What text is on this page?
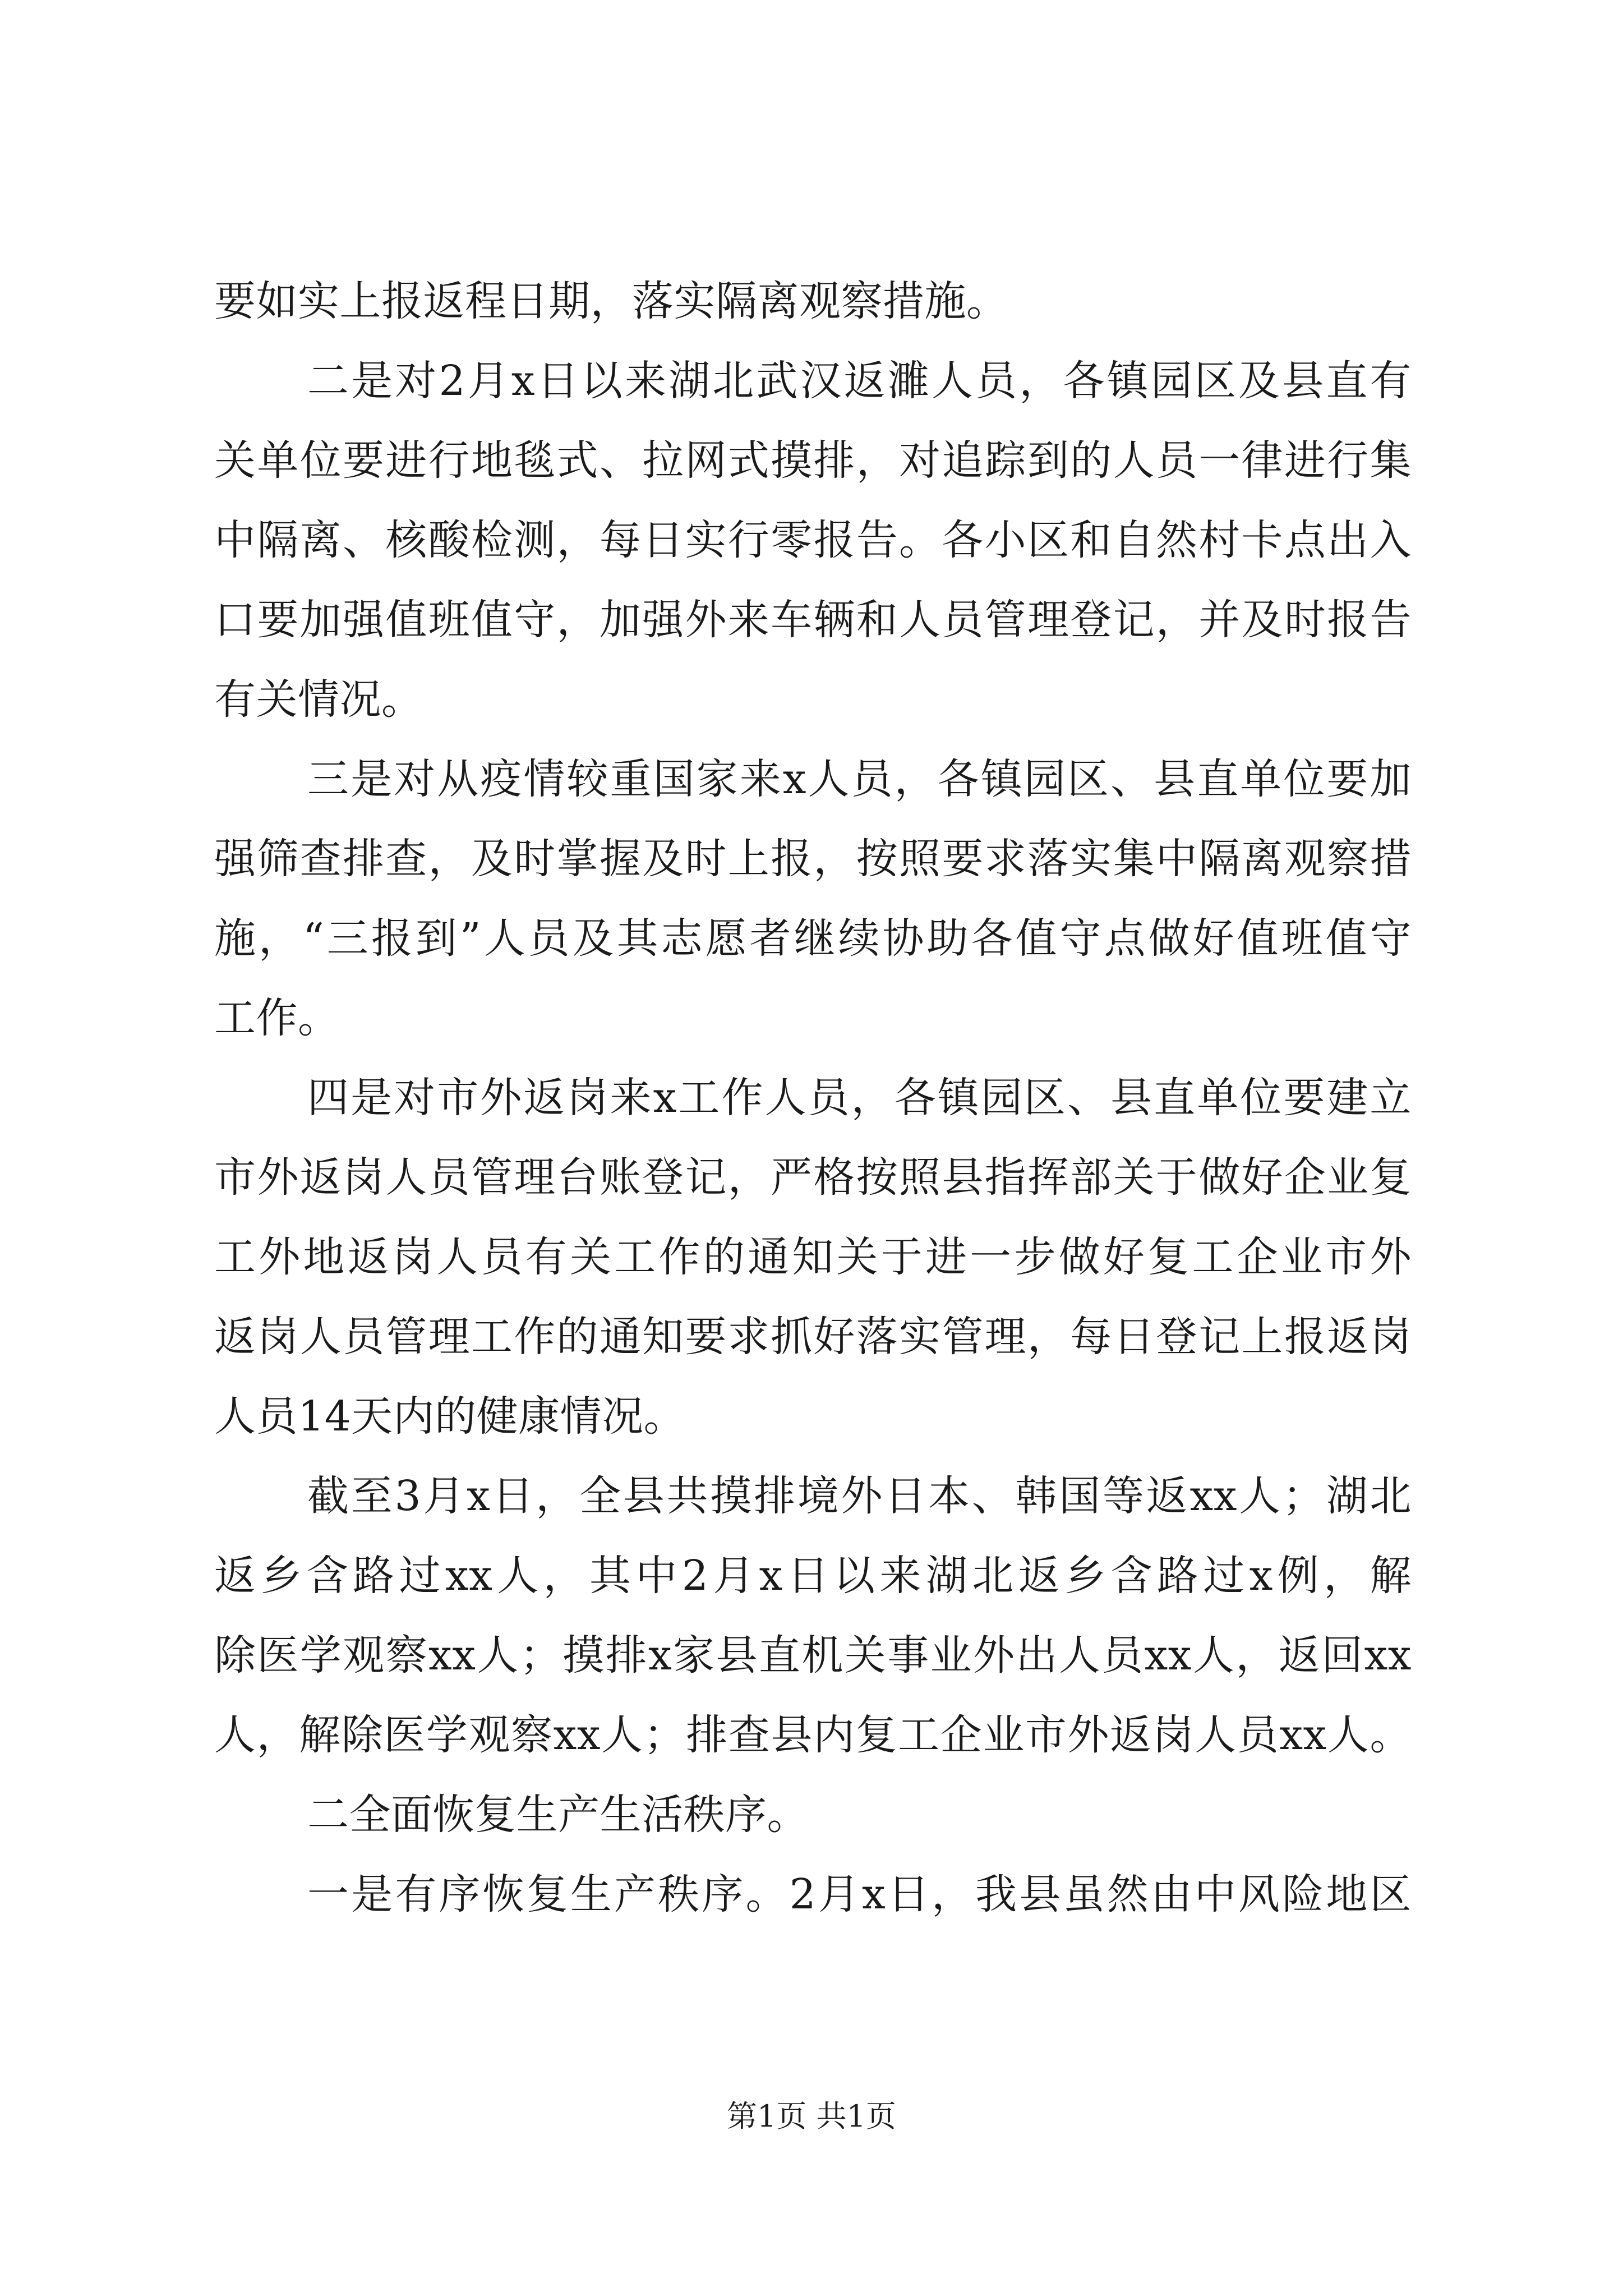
要如实上报返程日期，落实隔离观察措施。
二是对2月x日以来湖北武汉返濉人员，各镇园区及县直有
关单位要进行地毯式、拉网式摸排，对追踪到的人员一律进行集
中隔离、核酸检测，每日实行零报告。各小区和自然村卡点出入
口要加强值班值守，加强外来车辆和人员管理登记，并及时报告
有关情况。
三是对从疫情较重国家来x人员，各镇园区、县直单位要加
强筛查排查，及时掌握及时上报，按照要求落实集中隔离观察措
施，“三报到”人员及其志愿者继续协助各值守点做好值班值守
工作。
四是对市外返岗来x工作人员，各镇园区、县直单位要建立
市外返岗人员管理台账登记，严格按照县指挥部关于做好企业复
工外地返岗人员有关工作的通知关于进一步做好复工企业市外
返岗人员管理工作的通知要求抓好落实管理，每日登记上报返岗
人员14天内的健康情况。
截至3月x日，全县共摸排境外日本、韩国等返xx人；湖北
返乡含路过xx人，其中2月x日以来湖北返乡含路过x例，解
除医学观察xx人；摸排x家县直机关事业外出人员xx人，返回xx
人，解除医学观察xx人；排查县内复工企业市外返岗人员xx人。
二全面恢复生产生活秩序。
一是有序恢复生产秩序。2月x日，我县虽然由中风险地区
第1页 共1页
